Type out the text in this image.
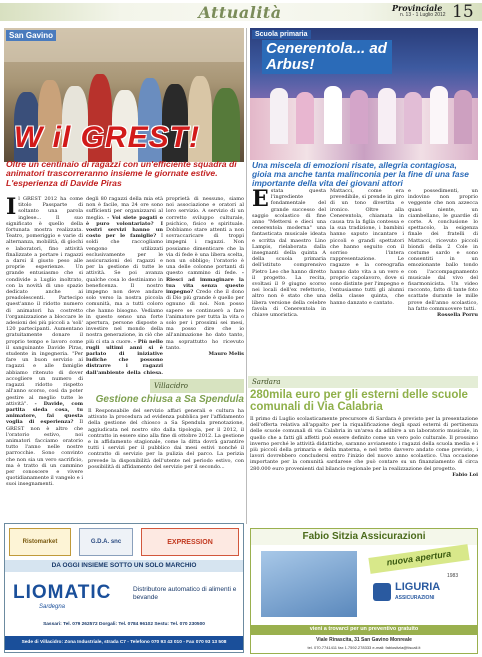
Attualità	Provinciale
n. 13 - 1 Luglio 2012 15
San Gavino
W il GREST!
Oltre un centinaio di ragazzi con un'efficiente squadra di animatori trascorreranno insieme le giornate estive. L'esperienza di Davide Piras
Scuola primaria
Cenerentola... ad Arbus!
Una miscela di emozioni risate, allegria contagiosa, gioia ma anche tanta malinconia per la fine di una fase importante della vita dei giovani attori
Il GREST 2012 ha come titolo Passparte di soltanto una parola inglese... Il suo significato è quello della fortunata mostra realizzata. Teatro, pomeriggio e varie di alternanza, mobilità, di giochi e laboratori, fino attività finalizzate a portare i ragazzi a darsi il giusto peso alle proprie esperienze. Un grande entusiasmo che si condivide a Luglio inoltrato, con la novità di uno spazio dedicato anche ai preadolescenti. Partecipo quest'anno il ridotto numero di animatori ha costretto l'organizzazione a bloccare le adesioni dei più piccoli a 'soli' 120 partecipanti. Aumentano gratuitamente donare il proprio tempo e lavoro come il sanguinante Davide Piras, studente in ingegneria. "Per fare un buon servizio ai ragazzi e alle famiglie abbiamo ritenuto di dover accogliere un numero di ragazzi ridotto rispetto all'anno scorso, così da poter gestire al meglio tutte le attività". - Davide, com partita sieda cosa, tu animatore, fai questa voglia di esperienza? Il GREST non è altro che l'oratorio estivo, noi animatori facciamo oratorio tutto l'anno nelle nostre parrocchie. Sono convinto che non sia un vero sacrificio, ma è tratto di un cammino per conoscere e vivere quotidianamente il vangelo e i suoi insegnamenti.
degli 80 ragazzi della mia età non è facile, ma 24 ore sono sufficienti per organizzarsi al meglio. - Voi siete pagati o è puro volontariato? I vostri servizi hanno un costo per le famiglie? I soldi che raccogliamo vengono utilizzati esclusivamente per le assicurazioni dei ragazzi e per la gestione di tutte le attività. Se poi avanza qualche cosa lo destiniamo in beneficenza. Il nostro impegno non deve andare solo verso la nostra piccola comunità, ma a tutti coloro che hanno bisogno. Vediamo in questo senso una forte apertura, persone disposte a investire nel mondo della nostra generazione, in ciò che più ci sta a cuore. - Più nello rugli ultimi anni si è parlato di iniziative ludiche che possono distrarre i ragazzi dall'ambiente della chiesa.
proprietà di nessuno, siamo noi associazione e oratori al loro servizio. A servizio di un corretto sviluppo culturale, psichico, fisico e spirituale. Dobbiamo stare attenti a non sovraccaricare di troppi impegni i ragazzi. Non possiamo dimenticare che la via di fede è una libera scelta, non un obbligo; l'oratorio è una delle colonne portanti di questo cammino di fede. - Riesci ad immaginare la tua vita senza questo impegno? Credo che il dono di Dio più grande è quello per ognuno di noi. Non posso sapere se continuerò a fare l'animatore per tutta la vita o solo per i prossimi sei mesi, ma posso dire che io all'animazione ho dato tanto, ma soprattutto ho ricevuto tanto.
Mauro Melis
Villacidro
Gestione chiusa a Sa Spendula
Il Responsabile del servizio affari generali e cultura ha attivato la procedura ad evidenza pubblica per l'affidamento della gestione del chiosco a Sa Spendula prenotazione, aggiudicata nel nostro sito dalla tipologia, per il 2012, il contratto in essere sino alla fine di ottobre 2012. La gestione e in affidamento stagionale, come la ditta dovrà garantire tutti i servizi per il pubblico dai mesi estivi nonché il contratto di servizio per la pulizia del parco. La perizia prevede la disponibilità dell'utente nel periodo estivo, con possibilità di affidamento del servizio per il secondo...
E stata questa l'ingrediente fondamentale del grande successo del saggio scolastico di fine anno "Mettersi e dieci una cenerentola moderna" una fantasticata musicale ideata e scritta dal maestro Lino Lampis, rielaborata dalla insegnanti della quinta A della scuola primaria dell'istituto comprensivo Pietro Leo che hanno diretto il progetto. La recita, svoltasi il 9 giugno scorso nei locali dell'ex refettorio, altro non è stato che una libera versione della celebre favola di Cenerentola in chiave umoristica.
Mattacci, come era prevedibile, si prende in giro di un tono divertita e ironico. Oltre alla Cenerentola, chiamata in causa tra la figlia contessa e la sua tradizione, i bambini hanno saputo incantare i piccoli e grandi spettatori che hanno seguito con il sorriso l'intera rappresentazione. Le ragazze e la coreografia hanno dato vita a un vero e proprio capolavoro, dove si sono distinte per l'impegno e l'entusiasmo tutti gli alunni della classe quinta, che hanno danzato e cantato.
e possedimenti, un indovino non proprio veggente che non azzecca quasi niente, un ciambellano, le guardie di corte. A conclusione lo spettacolo, la esigenza finale dei fratelli di Mattacci, ricevuto piccoli biondi della 2 Cole in costume sardo e sono consentiti in un emozionante ballo tondo con l'accompagnamento musicale dal vivo del fisarmonicista. Un video racconto, fatto di tante foto scattate durante le mille prove dell'anno scolastico, ha fatto commuovere tutti.
Rossella Porru
Sardara
280mila euro per gli esterni delle scuole comunali di Via Calabria
Il primo di Luglio scolasticamente precursore di Sardara è previsto per la presentazione dell'offerta relativa all'appalto per la riqualificazione degli spazi esterni di pertinenza delle scuole comunali di via Calabria in un'area da adibire a un laboratorio musicale, in quello che a fatti gli affetti può essere definito come un vero polo culturale. Il prossimo inverno perché le attività didattiche, saranno avviamento i ragazzi della scuola media e i più piccoli della primaria e della materna, e nel tetto davvero andato come previsto, i lavori dovrebbero concludersi entro l'inizio del nuovo anno scolastico. Una occasione importante per la comunità sardarese che può contare su un finanziamento di circa 280.000 euro provenienti dal bilancio regionale per la realizzazione del progetto.
Fabio Loi
Ristomarket	G.D.A. snc	EXPRESSION
DA OGGI INSIEME SOTTO UN SOLO MARCHIO
LIOMATIC
Sardegna
Distributore automatico di alimenti e bevande
Sassari: Tel. 079 262572 Dorgali: Tel. 0784 96102 Sestu: Tel. 070 230500
Sede di Villacidro: Zona Industriale, strada C7 - Telefono 070 93 43 010 - Fax 070 93 13 508
Fabio Sitzia Assicurazioni
nuova apertura
1983
LIGURIA
ASSICURAZIONI
vieni a trovarci per un preventivo gratuito
Viale Rinascita, 31 San Gavino Monreale
tel. 070.7741411 fax 1.7592.278333 e-mail: fabiositzia@tiscali.it
